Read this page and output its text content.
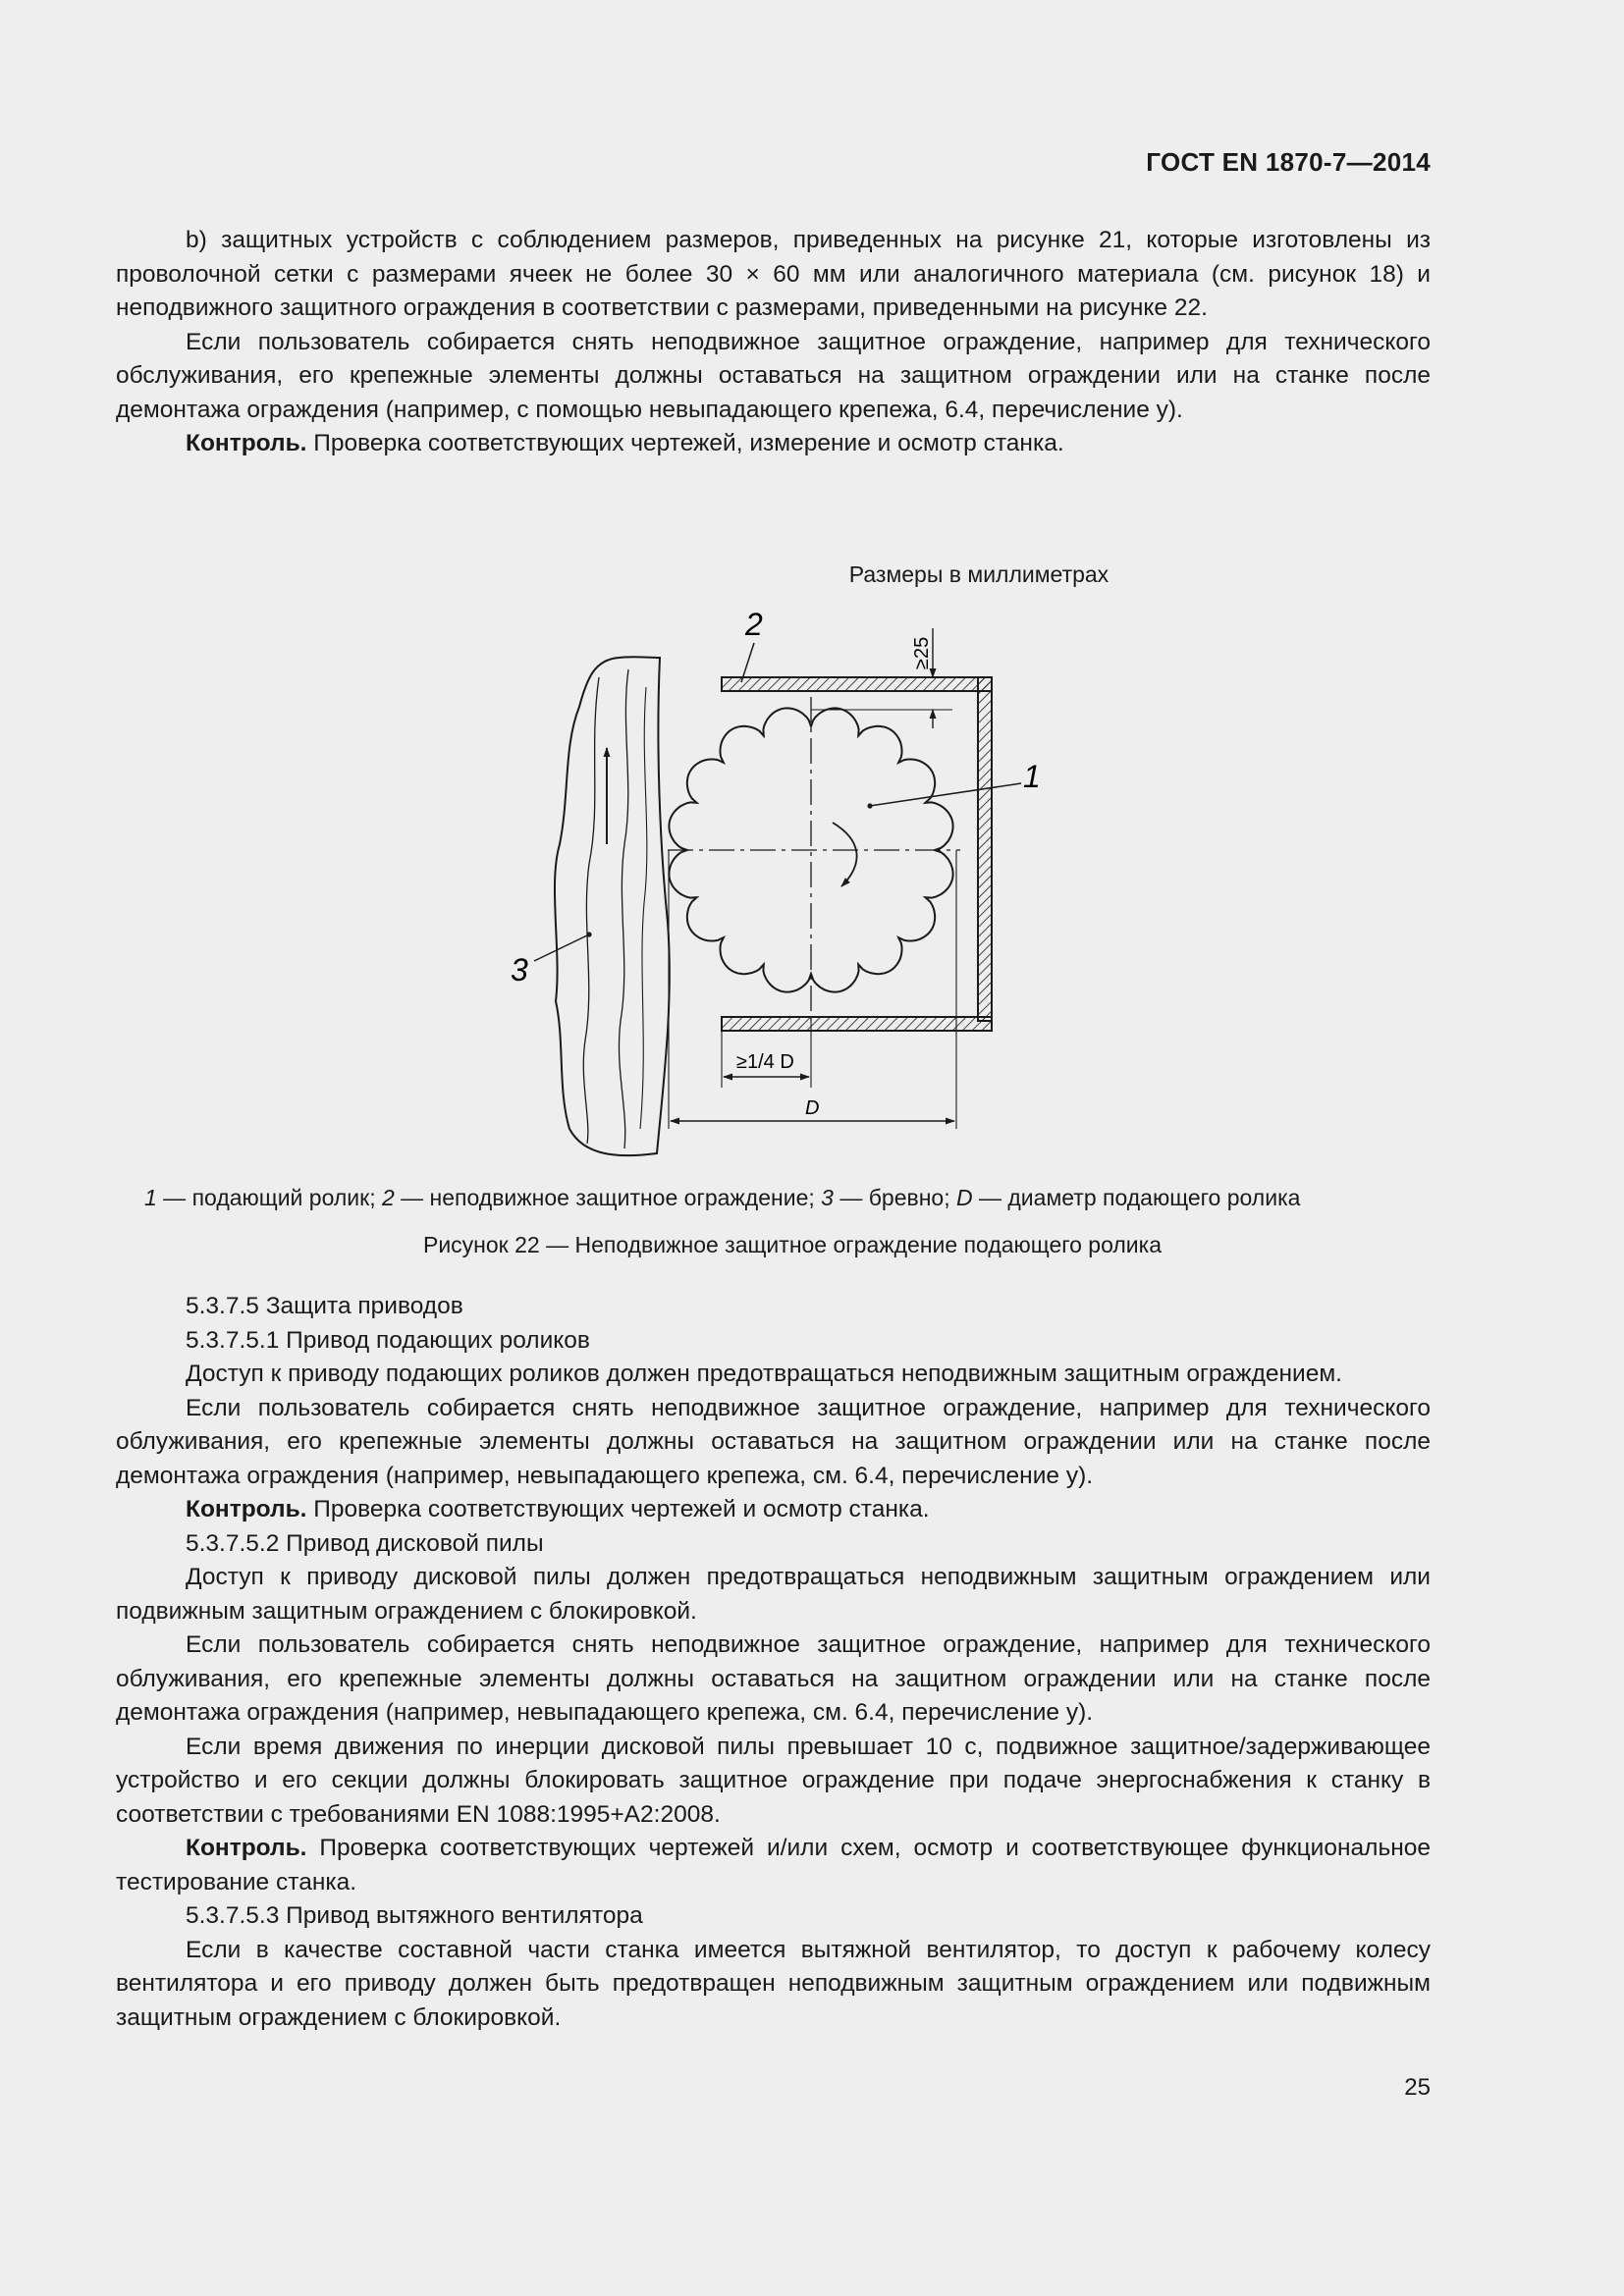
ГОСТ EN 1870-7—2014

b) защитных устройств с соблюдением размеров, приведенных на рисунке 21, которые изготовлены из проволочной сетки с размерами ячеек не более 30 × 60 мм или аналогичного материала (см. рисунок 18) и неподвижного защитного ограждения в соответствии с размерами, приведенными на рисунке 22.

Если пользователь собирается снять неподвижное защитное ограждение, например для технического обслуживания, его крепежные элементы должны оставаться на защитном ограждении или на станке после демонтажа ограждения (например, с помощью невыпадающего крепежа, 6.4, перечисление y).

Контроль. Проверка соответствующих чертежей, измерение и осмотр станка.

Размеры в миллиметрах
3
2
1
≥25
≥1/4 D
D
1 — подающий ролик; 2 — неподвижное защитное ограждение; 3 — бревно; D — диаметр подающего ролика
Рисунок 22 — Неподвижное защитное ограждение подающего ролика

5.3.7.5 Защита приводов

5.3.7.5.1 Привод подающих роликов

Доступ к приводу подающих роликов должен предотвращаться неподвижным защитным ограждением.

Если пользователь собирается снять неподвижное защитное ограждение, например для технического облуживания, его крепежные элементы должны оставаться на защитном ограждении или на станке после демонтажа ограждения (например, невыпадающего крепежа, см. 6.4, перечисление y).

Контроль. Проверка соответствующих чертежей и осмотр станка.

5.3.7.5.2 Привод дисковой пилы

Доступ к приводу дисковой пилы должен предотвращаться неподвижным защитным ограждением или подвижным защитным ограждением с блокировкой.

Если пользователь собирается снять неподвижное защитное ограждение, например для технического облуживания, его крепежные элементы должны оставаться на защитном ограждении или на станке после демонтажа ограждения (например, невыпадающего крепежа, см. 6.4, перечисление y).

Если время движения по инерции дисковой пилы превышает 10 с, подвижное защитное/задерживающее устройство и его секции должны блокировать защитное ограждение при подаче энергоснабжения к станку в соответствии с требованиями EN 1088:1995+A2:2008.

Контроль. Проверка соответствующих чертежей и/или схем, осмотр и соответствующее функциональное тестирование станка.

5.3.7.5.3 Привод вытяжного вентилятора

Если в качестве составной части станка имеется вытяжной вентилятор, то доступ к рабочему колесу вентилятора и его приводу должен быть предотвращен неподвижным защитным ограждением или подвижным защитным ограждением с блокировкой.

25
